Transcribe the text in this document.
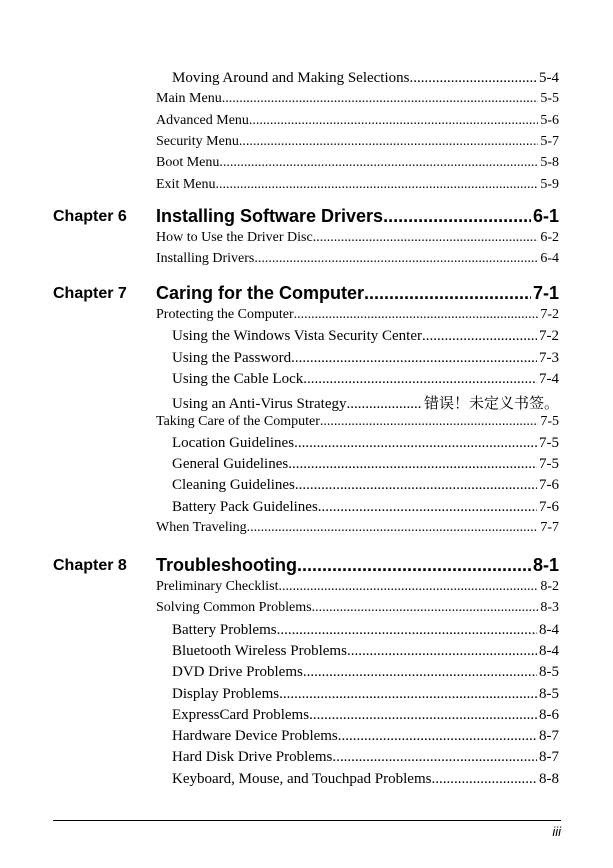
Moving Around and Making Selections .....	5-4
Main Menu .....	5-5
Advanced Menu .....	5-6
Security Menu .....	5-7
Boot Menu .....	5-8
Exit Menu .....	5-9
Chapter 6 Installing Software Drivers .....	6-1
How to Use the Driver Disc .....	6-2
Installing Drivers .....	6-4
Chapter 7 Caring for the Computer .....	7-1
Protecting the Computer .....	7-2
Using the Windows Vista Security Center .....	7-2
Using the Password .....	7-3
Using the Cable Lock .....	7-4
Using an Anti-Virus Strategy .....	错误！未定义书签。
Taking Care of the Computer .....	7-5
Location Guidelines .....	7-5
General Guidelines .....	7-5
Cleaning Guidelines .....	7-6
Battery Pack Guidelines .....	7-6
When Traveling .....	7-7
Chapter 8 Troubleshooting .....	8-1
Preliminary Checklist .....	8-2
Solving Common Problems .....	8-3
Battery Problems .....	8-4
Bluetooth Wireless Problems .....	8-4
DVD Drive Problems .....	8-5
Display Problems .....	8-5
ExpressCard Problems .....	8-6
Hardware Device Problems .....	8-7
Hard Disk Drive Problems .....	8-7
Keyboard, Mouse, and Touchpad Problems .....	8-8
iii
